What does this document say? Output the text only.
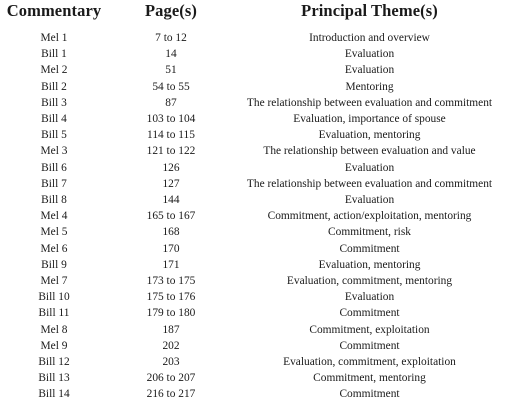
Commentary	Page(s)	Principal Theme(s)
Mel 1	7 to 12	Introduction and overview
Bill 1	14	Evaluation
Mel 2	51	Evaluation
Bill 2	54 to 55	Mentoring
Bill 3	87	The relationship between evaluation and commitment
Bill 4	103 to 104	Evaluation, importance of spouse
Bill 5	114 to 115	Evaluation, mentoring
Mel 3	121 to 122	The relationship between evaluation and value
Bill 6	126	Evaluation
Bill 7	127	The relationship between evaluation and commitment
Bill 8	144	Evaluation
Mel 4	165 to 167	Commitment, action/exploitation, mentoring
Mel 5	168	Commitment, risk
Mel 6	170	Commitment
Bill 9	171	Evaluation, mentoring
Mel 7	173 to 175	Evaluation, commitment, mentoring
Bill 10	175 to 176	Evaluation
Bill 11	179 to 180	Commitment
Mel 8	187	Commitment, exploitation
Mel 9	202	Commitment
Bill 12	203	Evaluation, commitment, exploitation
Bill 13	206 to 207	Commitment, mentoring
Bill 14	216 to 217	Commitment
